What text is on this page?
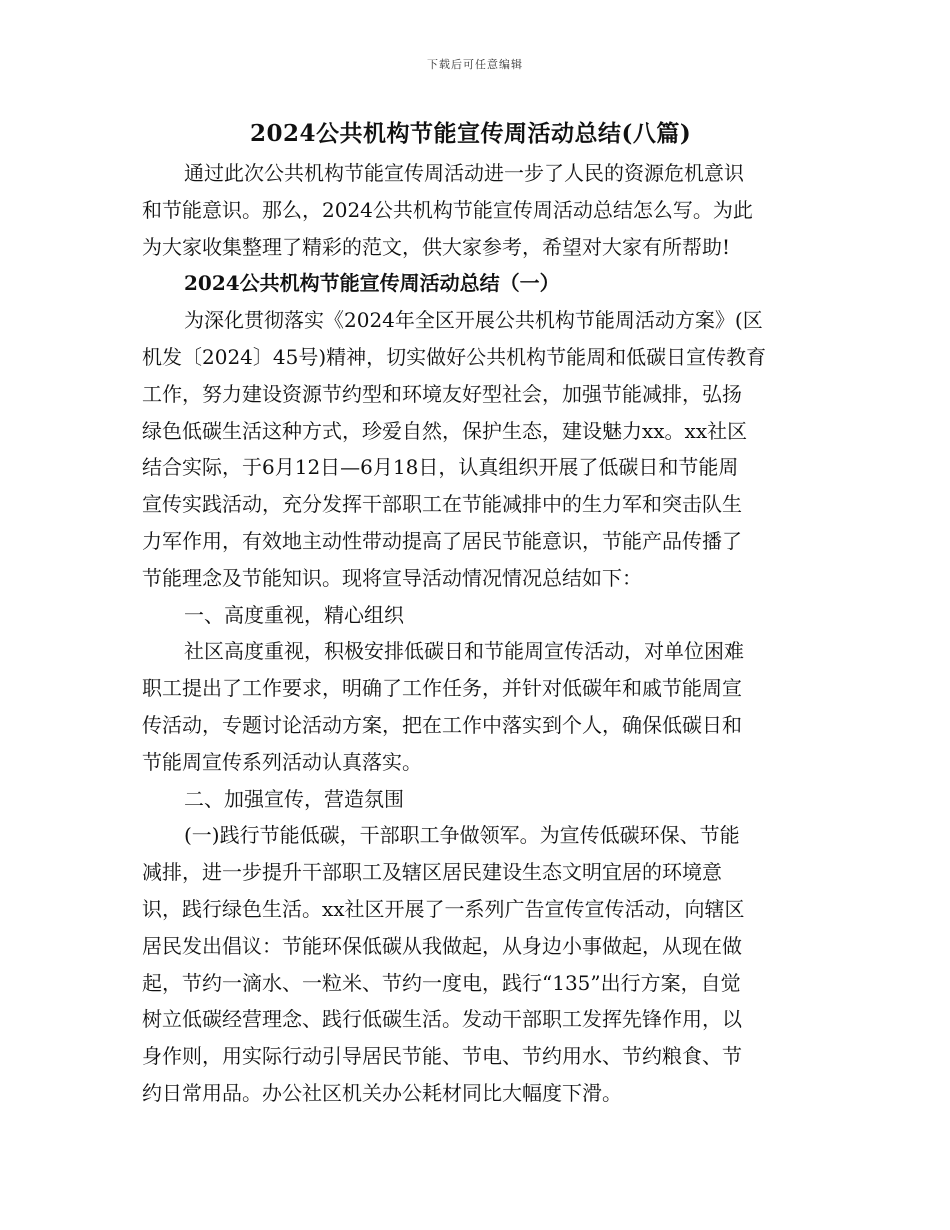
下载后可任意编辑
2024公共机构节能宣传周活动总结(八篇)

通过此次公共机构节能宣传周活动进一步了人民的资源危机意识
和节能意识。那么，2024公共机构节能宣传周活动总结怎么写。为此
为大家收集整理了精彩的范文，供大家参考，希望对大家有所帮助!

2024公共机构节能宣传周活动总结（一）

为深化贯彻落实《2024年全区开展公共机构节能周活动方案》(区
机发〔2024〕45号)精神，切实做好公共机构节能周和低碳日宣传教育
工作，努力建设资源节约型和环境友好型社会，加强节能减排，弘扬
绿色低碳生活这种方式，珍爱自然，保护生态，建设魅力xx。xx社区
结合实际，于6月12日—6月18日，认真组织开展了低碳日和节能周
宣传实践活动，充分发挥干部职工在节能减排中的生力军和突击队生
力军作用，有效地主动性带动提高了居民节能意识，节能产品传播了
节能理念及节能知识。现将宣导活动情况情况总结如下：

一、高度重视，精心组织

社区高度重视，积极安排低碳日和节能周宣传活动，对单位困难
职工提出了工作要求，明确了工作任务，并针对低碳年和戚节能周宣
传活动，专题讨论活动方案，把在工作中落实到个人，确保低碳日和
节能周宣传系列活动认真落实。

二、加强宣传，营造氛围

(一)践行节能低碳，干部职工争做领军。为宣传低碳环保、节能
减排，进一步提升干部职工及辖区居民建设生态文明宜居的环境意
识，践行绿色生活。xx社区开展了一系列广告宣传宣传活动，向辖区
居民发出倡议：节能环保低碳从我做起，从身边小事做起，从现在做
起，节约一滴水、一粒米、节约一度电，践行“135”出行方案，自觉
树立低碳经营理念、践行低碳生活。发动干部职工发挥先锋作用，以
身作则，用实际行动引导居民节能、节电、节约用水、节约粮食、节
约日常用品。办公社区机关办公耗材同比大幅度下滑。
